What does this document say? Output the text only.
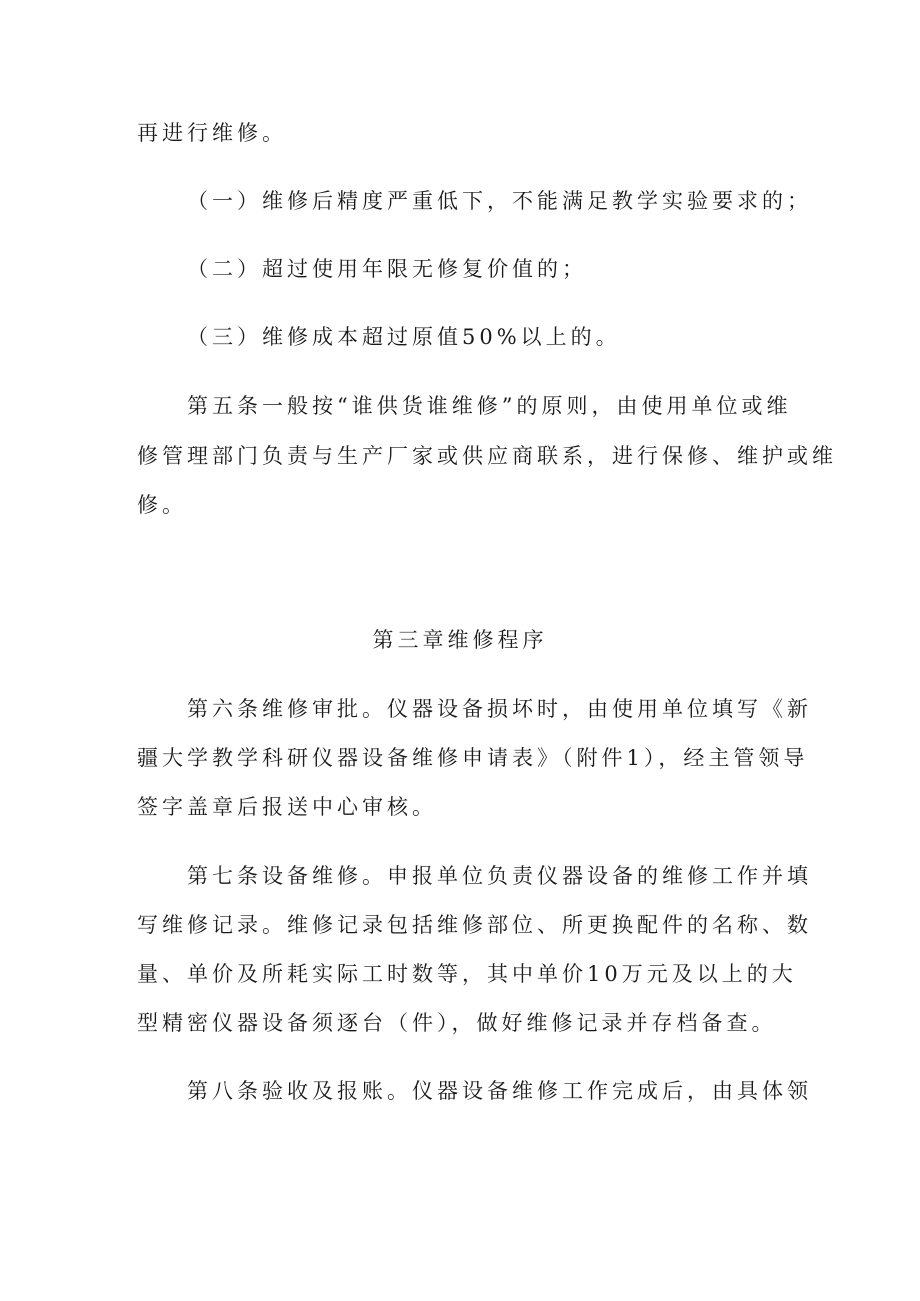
再进行维修。
（一）维修后精度严重低下，不能满足教学实验要求的；
（二）超过使用年限无修复价值的；
（三）维修成本超过原值50%以上的。
第五条一般按“谁供货谁维修”的原则，由使用单位或维
修管理部门负责与生产厂家或供应商联系，进行保修、维护或维
修。
第三章维修程序
第六条维修审批。仪器设备损坏时，由使用单位填写《新
疆大学教学科研仪器设备维修申请表》（附件1），经主管领导
签字盖章后报送中心审核。
第七条设备维修。申报单位负责仪器设备的维修工作并填
写维修记录。维修记录包括维修部位、所更换配件的名称、数
量、单价及所耗实际工时数等，其中单价10万元及以上的大
型精密仪器设备须逐台（件），做好维修记录并存档备查。
第八条验收及报账。仪器设备维修工作完成后，由具体领
